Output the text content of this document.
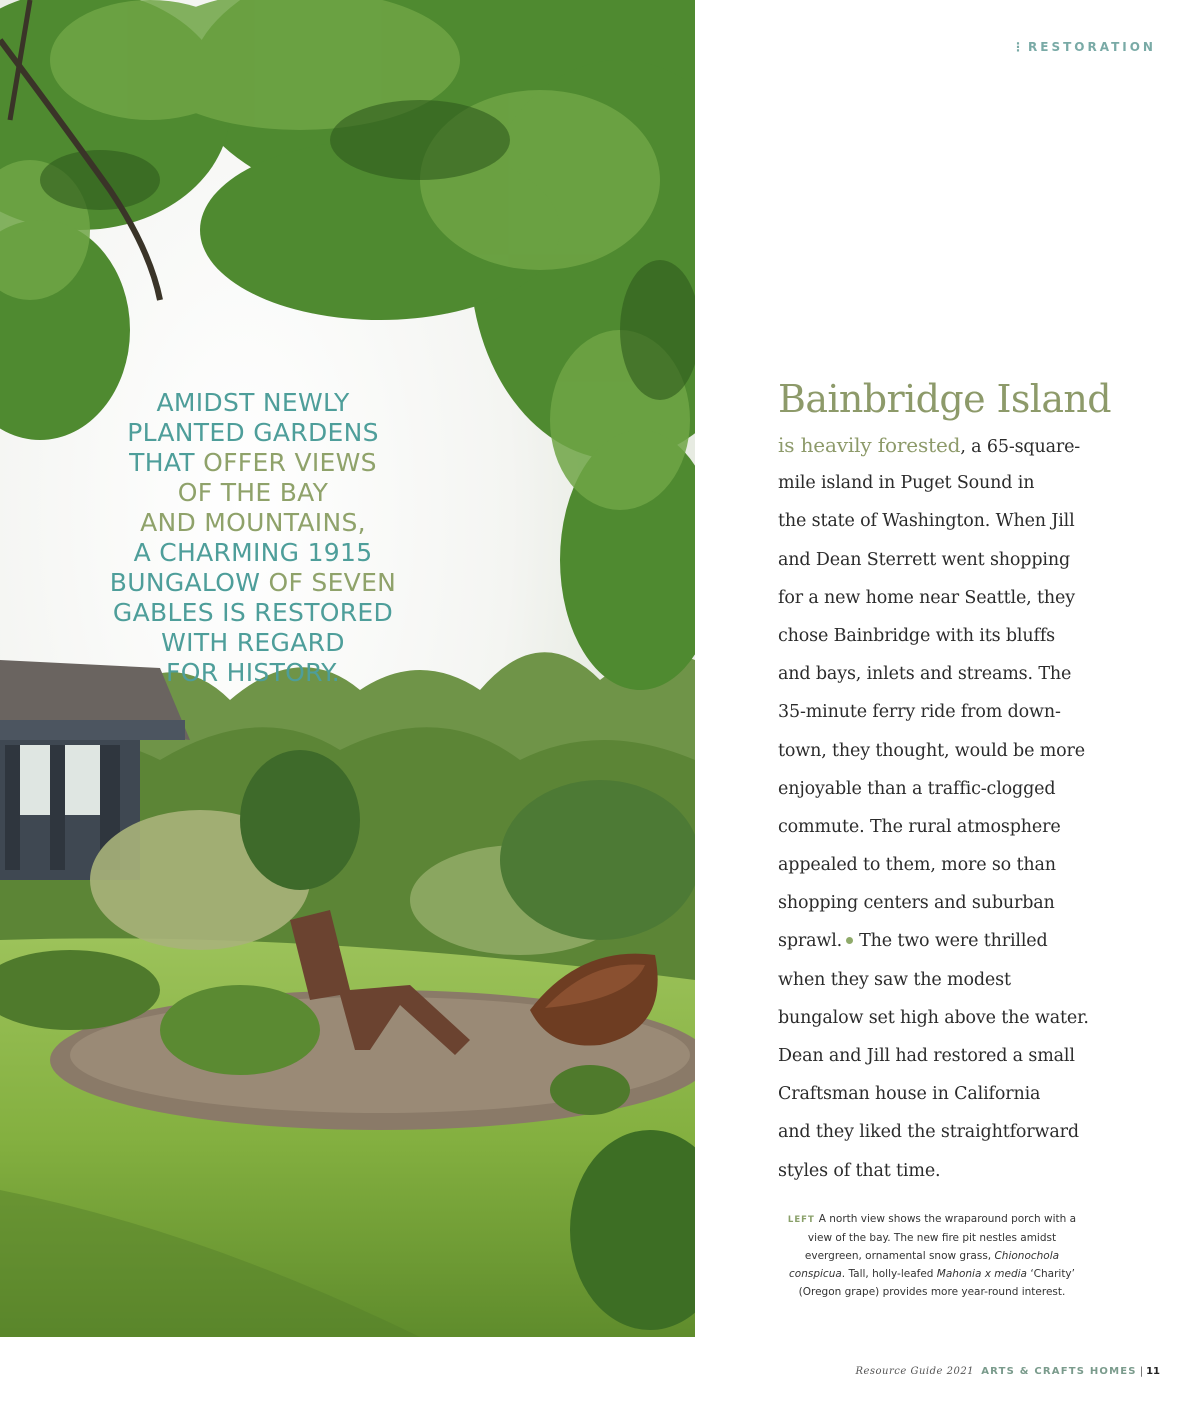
AMIDST NEWLY
PLANTED GARDENS
THAT OFFER VIEWS
OF THE BAY
AND MOUNTAINS,
A CHARMING 1915
BUNGALOW OF SEVEN
GABLES IS RESTORED
WITH REGARD
FOR HISTORY.
⋮ RESTORATION
Bainbridge Island
is heavily forested, a 65-square-
mile island in Puget Sound in
the state of Washington. When Jill
and Dean Sterrett went shopping
for a new home near Seattle, they
chose Bainbridge with its bluffs
and bays, inlets and streams. The
35-minute ferry ride from down-
town, they thought, would be more
enjoyable than a traffic-clogged
commute. The rural atmosphere
appealed to them, more so than
shopping centers and suburban
sprawl. The two were thrilled
when they saw the modest
bungalow set high above the water.
Dean and Jill had restored a small
Craftsman house in California
and they liked the straightforward
styles of that time.
LEFT A north view shows the wraparound porch with a view of the bay. The new fire pit nestles amidst evergreen, ornamental snow grass, Chionochola conspicua. Tall, holly-leafed Mahonia x media ‘Charity’ (Oregon grape) provides more year-round interest.
Resource Guide 2021 ARTS & CRAFTS HOMES | 11
